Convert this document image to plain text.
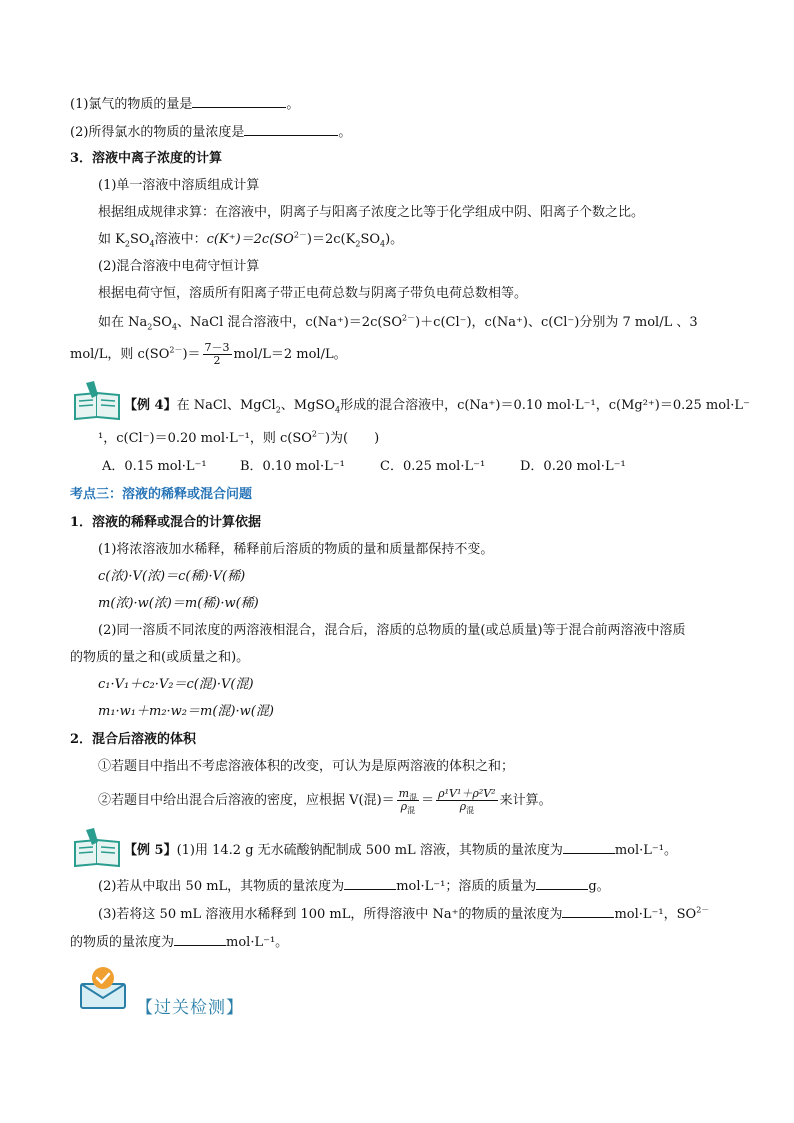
(1)氯气的物质的量是	。
(2)所得氯水的物质的量浓度是	。
3．溶液中离子浓度的计算
(1)单一溶液中溶质组成计算
根据组成规律求算：在溶液中，阴离子与阳离子浓度之比等于化学组成中阴、阳离子个数之比。
如 $K_2SO_4$溶液中：$c(K^+)=2c(SO^{2-})=2c(K_2SO_4)$。
(2)混合溶液中电荷守恒计算
根据电荷守恒，溶质所有阳离子带正电荷总数与阴离子带负电荷总数相等。
如在 $Na_2SO_4$、NaCl 混合溶液中，$c(Na^+)=2c(SO^{2-})+c(Cl^-)$，c(Na⁺)、c(Cl⁻)分别为 7 mol/L 、3
mol/L，则 $c(SO^{2-})= \frac{7-3}{2} mol/L=2$ mol/L。
【例 4】在 NaCl、MgCl$_2$、MgSO$_4$形成的混合溶液中，c(Na⁺)＝0.10 mol·L⁻¹，c(Mg²⁺)＝0.25 mol·L⁻
¹，c(Cl⁻)＝0.20 mol·L⁻¹，则 $c(SO^{2-})$为(　　)
A．0.15 mol·L⁻¹	B．0.10 mol·L⁻¹	C．0.25 mol·L⁻¹	D．0.20 mol·L⁻¹
考点三：溶液的稀释或混合问题
1．溶液的稀释或混合的计算依据
(1)将浓溶液加水稀释，稀释前后溶质的物质的量和质量都保持不变。
c(浓)·V(浓)＝c(稀)·V(稀)
m(浓)·w(浓)＝m(稀)·w(稀)
(2)同一溶质不同浓度的两溶液相混合，混合后，溶质的总物质的量(或总质量)等于混合前两溶液中溶质
的物质的量之和(或质量之和)。
c₁·V₁＋c₂·V₂＝c(混)·V(混)
m₁·w₁＋m₂·w₂＝m(混)·w(混)
2．混合后溶液的体积
①若题目中指出不考虑溶液体积的改变，可认为是原两溶液的体积之和；
②若题目中给出混合后溶液的密度，应根据 V(混)＝ $\frac{m_混}{\rho_混} = \frac{\text{ρ¹V¹＋ρ²V²}}{\rho_混}$ 来计算。
【例 5】(1)用 14.2 g 无水硫酸钠配制成 500 mL 溶液，其物质的量浓度为	mol·L⁻¹。
(2)若从中取出 50 mL，其物质的量浓度为	mol·L⁻¹；溶质的质量为	g。
(3)若将这 50 mL 溶液用水稀释到 100 mL，所得溶液中 Na⁺的物质的量浓度为	mol·L⁻¹，$SO^{2-}$
的物质的量浓度为	mol·L⁻¹。
【过关检测】
